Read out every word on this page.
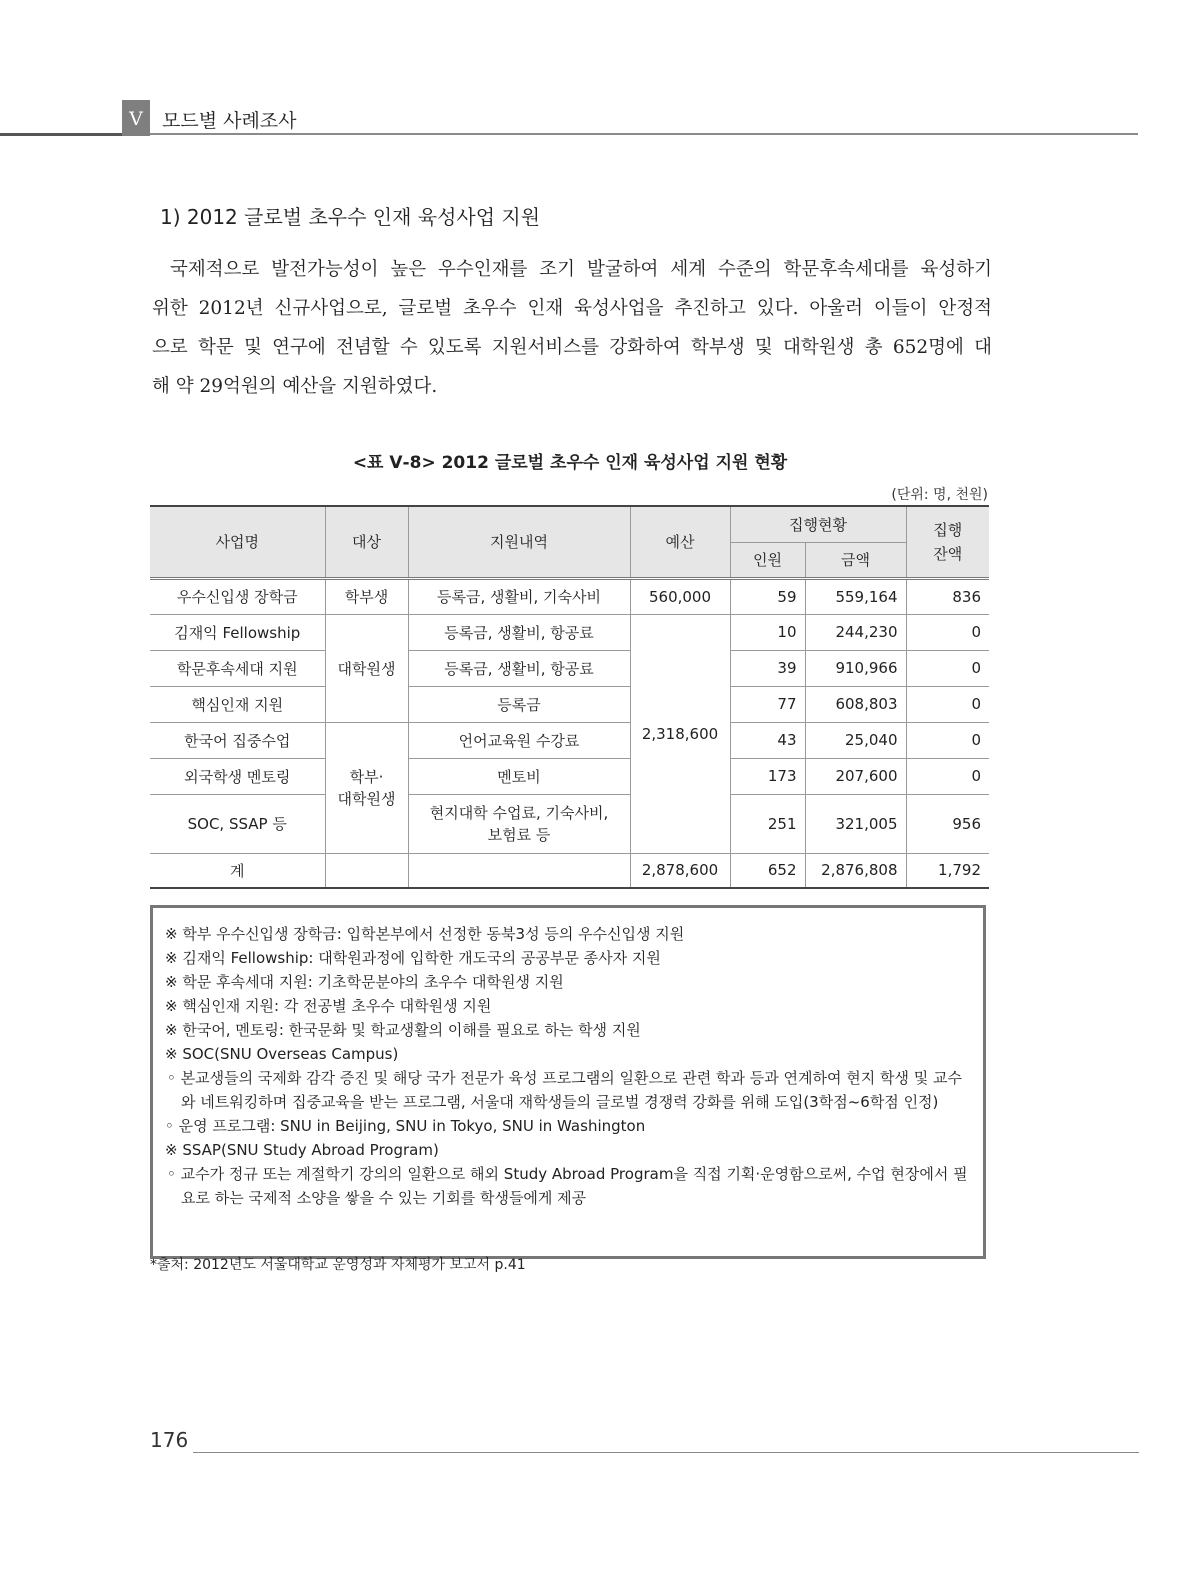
V	모드별 사례조사
1) 2012 글로벌 초우수 인재 육성사업 지원
국제적으로 발전가능성이 높은 우수인재를 조기 발굴하여 세계 수준의 학문후속세대를 육성하기
위한 2012년 신규사업으로, 글로벌 초우수 인재 육성사업을 추진하고 있다. 아울러 이들이 안정적
으로 학문 및 연구에 전념할 수 있도록 지원서비스를 강화하여 학부생 및 대학원생 총 652명에 대
해 약 29억원의 예산을 지원하였다.
<표 Ⅴ-8> 2012 글로벌 초우수 인재 육성사업 지원 현황
(단위: 명, 천원)
사업명	대상	지원내역	예산	집행현황		집행
잔액
				인원	금액	
우수신입생 장학금	학부생	등록금, 생활비, 기숙사비	560,000	59	559,164	836
김재익 Fellowship	대학원생	등록금, 생활비, 항공료	2,318,600	10	244,230	0
학문후속세대 지원		등록금, 생활비, 항공료		39	910,966	0
핵심인재 지원		등록금		77	608,803	0
한국어 집중수업	학부·
대학원생	언어교육원 수강료		43	25,040	0
외국학생 멘토링		멘토비		173	207,600	0
SOC, SSAP 등		현지대학 수업료, 기숙사비,
보험료 등		251	321,005	956
계			2,878,600	652	2,876,808	1,792
※ 학부 우수신입생 장학금: 입학본부에서 선정한 동북3성 등의 우수신입생 지원
※ 김재익 Fellowship: 대학원과정에 입학한 개도국의 공공부문 종사자 지원
※ 학문 후속세대 지원: 기초학문분야의 초우수 대학원생 지원
※ 핵심인재 지원: 각 전공별 초우수 대학원생 지원
※ 한국어, 멘토링: 한국문화 및 학교생활의 이해를 필요로 하는 학생 지원
※ SOC(SNU Overseas Campus)
◦ 본교생들의 국제화 감각 증진 및 해당 국가 전문가 육성 프로그램의 일환으로 관련 학과 등과 연계하여 현지 학생 및 교수와 네트워킹하며 집중교육을 받는 프로그램, 서울대 재학생들의 글로벌 경쟁력 강화를 위해 도입(3학점~6학점 인정)
◦ 운영 프로그램: SNU in Beijing, SNU in Tokyo, SNU in Washington
※ SSAP(SNU Study Abroad Program)
◦ 교수가 정규 또는 계절학기 강의의 일환으로 해외 Study Abroad Program을 직접 기획·운영함으로써, 수업 현장에서 필요로 하는 국제적 소양을 쌓을 수 있는 기회를 학생들에게 제공
*출처: 2012년도 서울대학교 운영성과 자체평가 보고서 p.41
176
